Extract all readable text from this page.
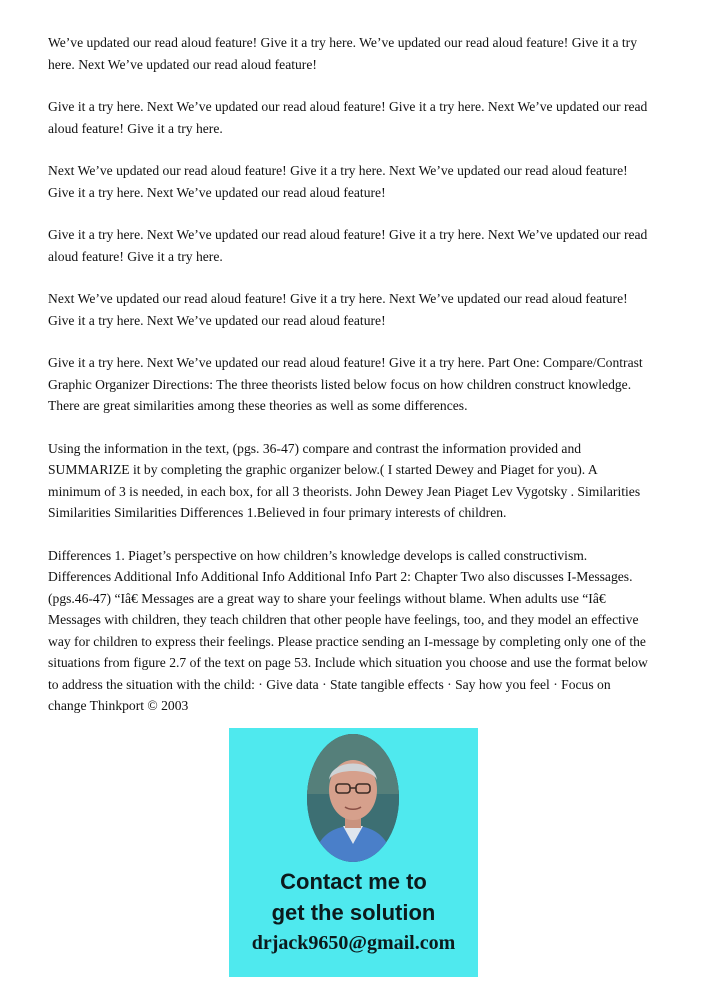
We’ve updated our read aloud feature! Give it a try here. We’ve updated our read aloud feature! Give it a try here. Next We’ve updated our read aloud feature!

Give it a try here. Next We’ve updated our read aloud feature! Give it a try here. Next We’ve updated our read aloud feature! Give it a try here.

Next We’ve updated our read aloud feature! Give it a try here. Next We’ve updated our read aloud feature! Give it a try here. Next We’ve updated our read aloud feature!

Give it a try here. Next We’ve updated our read aloud feature! Give it a try here. Next We’ve updated our read aloud feature! Give it a try here.

Next We’ve updated our read aloud feature! Give it a try here. Next We’ve updated our read aloud feature! Give it a try here. Next We’ve updated our read aloud feature!

Give it a try here. Next We’ve updated our read aloud feature! Give it a try here. Part One: Compare/Contrast Graphic Organizer Directions: The three theorists listed below focus on how children construct knowledge. There are great similarities among these theories as well as some differences.

Using the information in the text, (pgs. 36-47) compare and contrast the information provided and SUMMARIZE it by completing the graphic organizer below.( I started Dewey and Piaget for you). A minimum of 3 is needed, in each box, for all 3 theorists. John Dewey Jean Piaget Lev Vygotsky . Similarities Similarities Similarities Differences 1.Believed in four primary interests of children.

Differences 1. Piaget’s perspective on how children’s knowledge develops is called constructivism. Differences Additional Info Additional Info Additional Info Part 2: Chapter Two also discusses I-Messages. (pgs.46-47) “Iâ€ Messages are a great way to share your feelings without blame. When adults use “Iâ€ Messages with children, they teach children that other people have feelings, too, and they model an effective way for children to express their feelings. Please practice sending an I-message by completing only one of the situations from figure 2.7 of the text on page 53. Include which situation you choose and use the format below to address the situation with the child: · Give data · State tangible effects · Say how you feel · Focus on change Thinkport © 2003

Contact me to
get the solution
drjack9650@gmail.com
